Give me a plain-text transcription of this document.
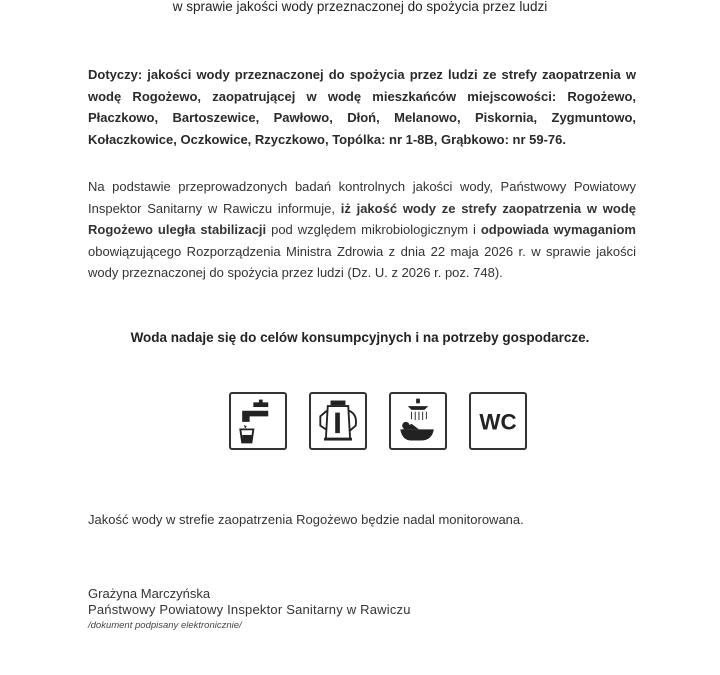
w sprawie jakości wody przeznaczonej do spożycia przez ludzi
Dotyczy: jakości wody przeznaczonej do spożycia przez ludzi ze strefy zaopatrzenia w wodę Rogożewo, zaopatrującej w wodę mieszkańców miejscowości: Rogożewo, Płaczkowo, Bartoszewice, Pawłowo, Dłoń, Melanowo, Piskornia, Zygmuntowo, Kołaczkowice, Oczkowice, Rzyczkowo, Topólka: nr 1-8B, Grąbkowo: nr 59-76.
Na podstawie przeprowadzonych badań kontrolnych jakości wody, Państwowy Powiatowy Inspektor Sanitarny w Rawiczu informuje, iż jakość wody ze strefy zaopatrzenia w wodę Rogożewo uległa stabilizacji pod względem mikrobiologicznym i odpowiada wymaganiom obowiązującego Rozporządzenia Ministra Zdrowia z dnia 22 maja 2026 r. w sprawie jakości wody przeznaczonej do spożycia przez ludzi (Dz. U. z 2026 r. poz. 748).
Woda nadaje się do celów konsumpcyjnych i na potrzeby gospodarcze.
WC
Jakość wody w strefie zaopatrzenia Rogożewo będzie nadal monitorowana.
Grażyna Marczyńska
Państwowy Powiatowy Inspektor Sanitarny w Rawiczu
/dokument podpisany elektronicznie/
